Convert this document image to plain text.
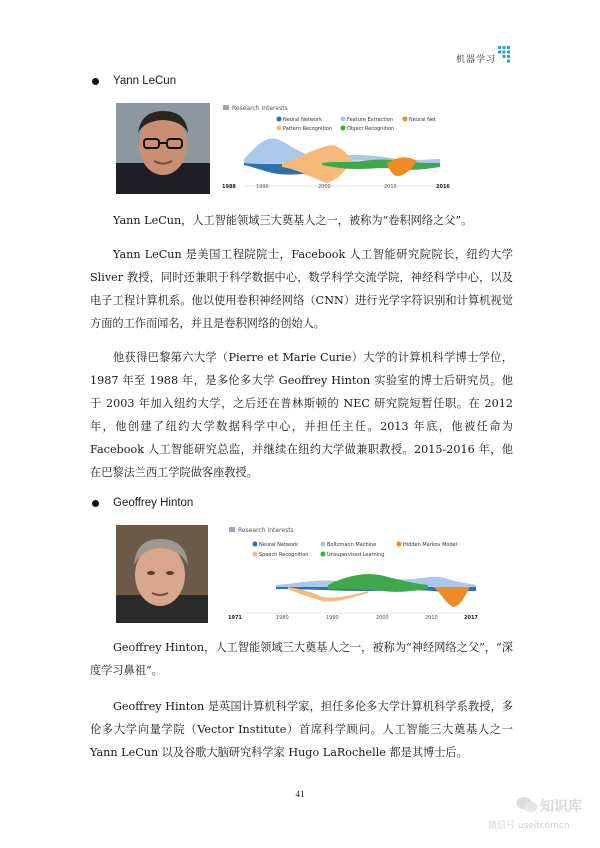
机器学习
Yann LeCun
Research Interests
Neural Network	Feature Extraction	Neural Net
Pattern Recognition	Object Recognition
1988	1990	2000	2010	2016

Yann LeCun，人工智能领域三大奠基人之一，被称为“卷积网络之父”。

Yann LeCun 是美国工程院院士，Facebook 人工智能研究院院长，纽约大学 Sliver 教授，同时还兼职于科学数据中心，数学科学交流学院，神经科学中心，以及电子工程计算机系。他以使用卷积神经网络（CNN）进行光学字符识别和计算机视觉方面的工作而闻名，并且是卷积网络的创始人。

他获得巴黎第六大学（Pierre et Marie Curie）大学的计算机科学博士学位，1987 年至 1988 年，是多伦多大学 Geoffrey Hinton 实验室的博士后研究员。他于 2003 年加入纽约大学，之后还在普林斯顿的 NEC 研究院短暂任职。在 2012 年，他创建了纽约大学数据科学中心，并担任主任。2013 年底，他被任命为 Facebook 人工智能研究总监，并继续在纽约大学做兼职教授。2015-2016 年，他在巴黎法兰西工学院做客座教授。

Geoffrey Hinton
Research Interests
Neural Network	Boltzmann Machine	Hidden Markov Model
Speech Recognition	Unsupervised Learning
1971	1980	1990	2000	2010	2017

Geoffrey Hinton，人工智能领域三大奠基人之一，被称为“神经网络之父”，“深度学习鼻祖”。

Geoffrey Hinton 是英国计算机科学家，担任多伦多大学计算机科学系教授，多伦多大学向量学院（Vector Institute）首席科学顾问。人工智能三大奠基人之一 Yann LeCun 以及谷歌大脑研究科学家 Hugo LaRochelle 都是其博士后。

41
知识库
微信号 useitcomcn
